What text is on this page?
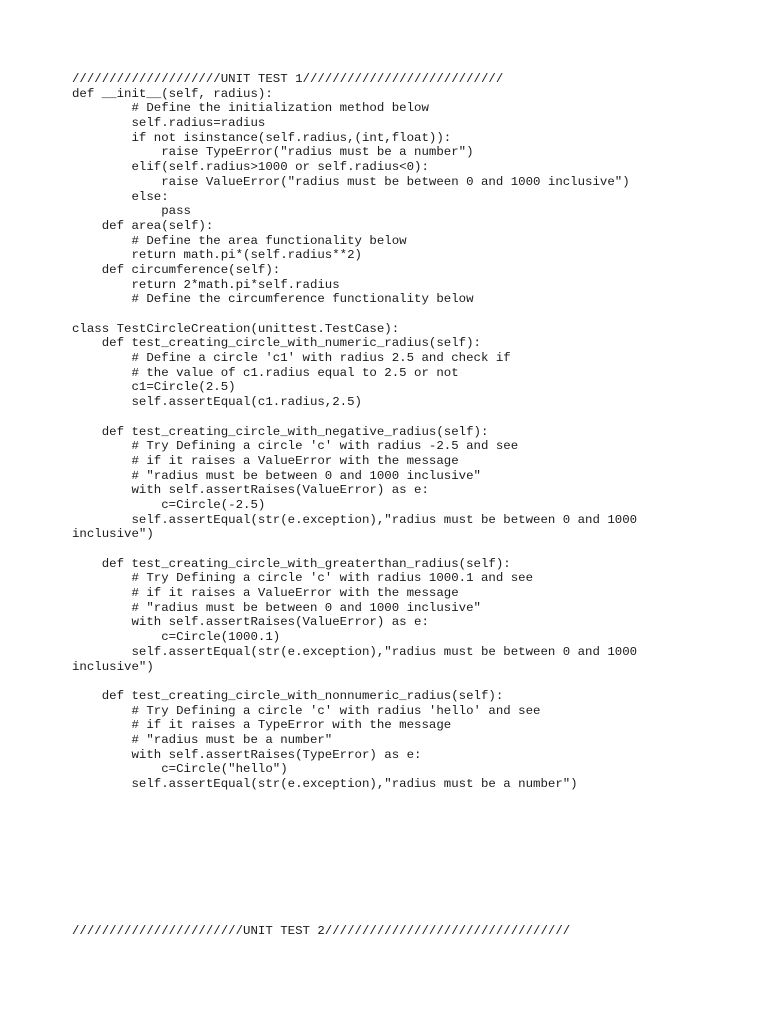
////////////////////UNIT TEST 1///////////////////////////
def __init__(self, radius):
# Define the initialization method below
self.radius=radius
if not isinstance(self.radius,(int,float)):
raise TypeError("radius must be a number")
elif(self.radius>1000 or self.radius<0):
raise ValueError("radius must be between 0 and 1000 inclusive")
else:
pass
def area(self):
# Define the area functionality below
return math.pi*(self.radius**2)
def circumference(self):
return 2*math.pi*self.radius
# Define the circumference functionality below
class TestCircleCreation(unittest.TestCase):
def test_creating_circle_with_numeric_radius(self):
# Define a circle 'c1' with radius 2.5 and check if
# the value of c1.radius equal to 2.5 or not
c1=Circle(2.5)
self.assertEqual(c1.radius,2.5)
def test_creating_circle_with_negative_radius(self):
# Try Defining a circle 'c' with radius -2.5 and see
# if it raises a ValueError with the message
# "radius must be between 0 and 1000 inclusive"
with self.assertRaises(ValueError) as e:
c=Circle(-2.5)
self.assertEqual(str(e.exception),"radius must be between 0 and 1000
inclusive")
def test_creating_circle_with_greaterthan_radius(self):
# Try Defining a circle 'c' with radius 1000.1 and see
# if it raises a ValueError with the message
# "radius must be between 0 and 1000 inclusive"
with self.assertRaises(ValueError) as e:
c=Circle(1000.1)
self.assertEqual(str(e.exception),"radius must be between 0 and 1000
inclusive")
def test_creating_circle_with_nonnumeric_radius(self):
# Try Defining a circle 'c' with radius 'hello' and see
# if it raises a TypeError with the message
# "radius must be a number"
with self.assertRaises(TypeError) as e:
c=Circle("hello")
self.assertEqual(str(e.exception),"radius must be a number")
///////////////////////UNIT TEST 2/////////////////////////////////
